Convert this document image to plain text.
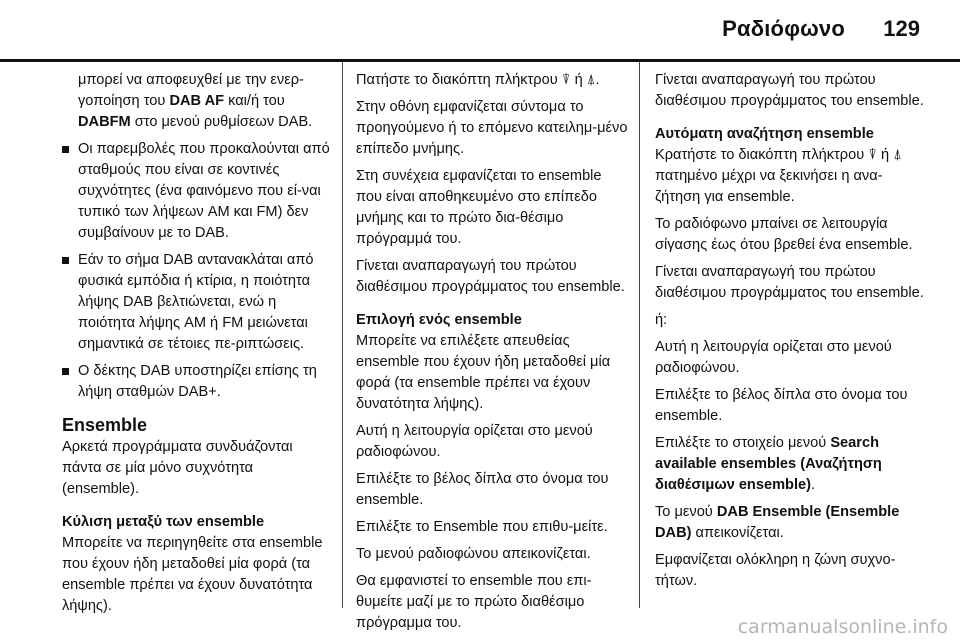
Ραδιόφωνο 129

μπορεί να αποφευχθεί με την ενερ-γοποίηση του DAB AF και/ή του DABFM στο μενού ρυθμίσεων DAB.

Οι παρεμβολές που προκαλούνται από σταθμούς που είναι σε κοντινές συχνότητες (ένα φαινόμενο που εί-ναι τυπικό των λήψεων AM και FM) δεν συμβαίνουν με το DAB.
Εάν το σήμα DAB αντανακλάται από φυσικά εμπόδια ή κτίρια, η ποιότητα λήψης DAB βελτιώνεται, ενώ η ποιότητα λήψης AM ή FM μειώνεται σημαντικά σε τέτοιες πε-ριπτώσεις.
Ο δέκτης DAB υποστηρίζει επίσης τη λήψη σταθμών DAB+.
Ensemble

Αρκετά προγράμματα συνδυάζονται πάντα σε μία μόνο συχνότητα (ensemble).

Κύλιση μεταξύ των ensemble

Μπορείτε να περιηγηθείτε στα ensemble που έχουν ήδη μεταδοθεί μία φορά (τα ensemble πρέπει να έχουν δυνατότητα λήψης).

Πατήστε το διακόπτη πλήκτρου ⍒ ή ⍋.

Στην οθόνη εμφανίζεται σύντομα το προηγούμενο ή το επόμενο κατειλημ-μένο επίπεδο μνήμης.

Στη συνέχεια εμφανίζεται το ensemble που είναι αποθηκευμένο στο επίπεδο μνήμης και το πρώτο δια-θέσιμο πρόγραμμά του.

Γίνεται αναπαραγωγή του πρώτου διαθέσιμου προγράμματος του ensemble.

Επιλογή ενός ensemble

Μπορείτε να επιλέξετε απευθείας ensemble που έχουν ήδη μεταδοθεί μία φορά (τα ensemble πρέπει να έχουν δυνατότητα λήψης).

Αυτή η λειτουργία ορίζεται στο μενού ραδιοφώνου.

Επιλέξτε το βέλος δίπλα στο όνομα του ensemble.

Επιλέξτε το Ensemble που επιθυ-μείτε.

Το μενού ραδιοφώνου απεικονίζεται.

Θα εμφανιστεί το ensemble που επι-θυμείτε μαζί με το πρώτο διαθέσιμο πρόγραμμα του.

Γίνεται αναπαραγωγή του πρώτου διαθέσιμου προγράμματος του ensemble.

Αυτόματη αναζήτηση ensemble

Κρατήστε το διακόπτη πλήκτρου ⍒ ή ⍋ πατημένο μέχρι να ξεκινήσει η ανα-ζήτηση για ensemble.

Το ραδιόφωνο μπαίνει σε λειτουργία σίγασης έως ότου βρεθεί ένα ensemble.

Γίνεται αναπαραγωγή του πρώτου διαθέσιμου προγράμματος του ensemble.

ή:

Αυτή η λειτουργία ορίζεται στο μενού ραδιοφώνου.

Επιλέξτε το βέλος δίπλα στο όνομα του ensemble.

Επιλέξτε το στοιχείο μενού Search available ensembles (Αναζήτηση διαθέσιμων ensemble).

Το μενού DAB Ensemble (Ensemble DAB) απεικονίζεται.

Εμφανίζεται ολόκληρη η ζώνη συχνο-τήτων.

carmanualsonline.info
